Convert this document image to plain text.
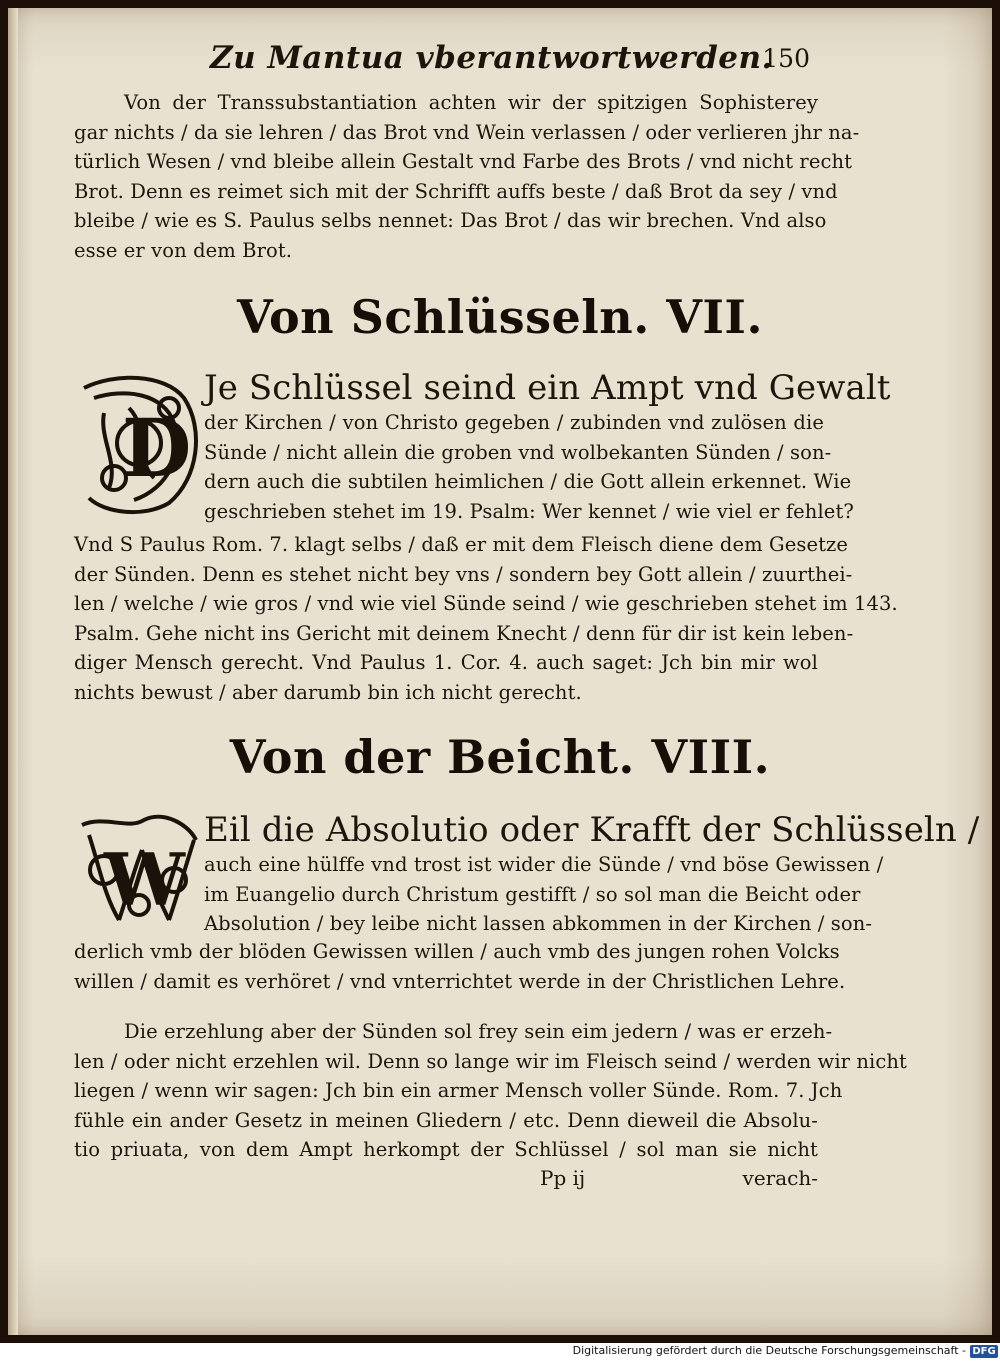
Zu Mantua vberantwortwerden.
150
Von der Transsubstantiation achten wir der spitzigen Sophisterey
gar nichts / da sie lehren / das Brot vnd Wein verlassen / oder verlieren jhr na-
türlich Wesen / vnd bleibe allein Gestalt vnd Farbe des Brots / vnd nicht recht
Brot. Denn es reimet sich mit der Schrifft auffs beste / daß Brot da sey / vnd
bleibe / wie es S. Paulus selbs nennet: Das Brot / das wir brechen. Vnd also
esse er von dem Brot.
Von Schlüsseln. VII.
D
Je Schlüssel seind ein Ampt vnd Gewalt
der Kirchen / von Christo gegeben / zubinden vnd zulösen die
Sünde / nicht allein die groben vnd wolbekanten Sünden / son-
dern auch die subtilen heimlichen / die Gott allein erkennet. Wie
geschrieben stehet im 19. Psalm: Wer kennet / wie viel er fehlet?
Vnd S Paulus Rom. 7. klagt selbs / daß er mit dem Fleisch diene dem Gesetze
der Sünden. Denn es stehet nicht bey vns / sondern bey Gott allein / zuurthei-
len / welche / wie gros / vnd wie viel Sünde seind / wie geschrieben stehet im 143.
Psalm. Gehe nicht ins Gericht mit deinem Knecht / denn für dir ist kein leben-
diger Mensch gerecht. Vnd Paulus 1. Cor. 4. auch saget: Jch bin mir wol
nichts bewust / aber darumb bin ich nicht gerecht.
Von der Beicht. VIII.
W
Eil die Absolutio oder Krafft der Schlüsseln /
auch eine hülffe vnd trost ist wider die Sünde / vnd böse Gewissen /
im Euangelio durch Christum gestifft / so sol man die Beicht oder
Absolution / bey leibe nicht lassen abkommen in der Kirchen / son-
derlich vmb der blöden Gewissen willen / auch vmb des jungen rohen Volcks
willen / damit es verhöret / vnd vnterrichtet werde in der Christlichen Lehre.
Die erzehlung aber der Sünden sol frey sein eim jedern / was er erzeh-
len / oder nicht erzehlen wil. Denn so lange wir im Fleisch seind / werden wir nicht
liegen / wenn wir sagen: Jch bin ein armer Mensch voller Sünde. Rom. 7. Jch
fühle ein ander Gesetz in meinen Gliedern / etc. Denn dieweil die Absolu-
tio priuata, von dem Ampt herkompt der Schlüssel / sol man sie nicht
Pp ij	verach-
Digitalisierung gefördert durch die Deutsche Forschungsgemeinschaft - DFG
